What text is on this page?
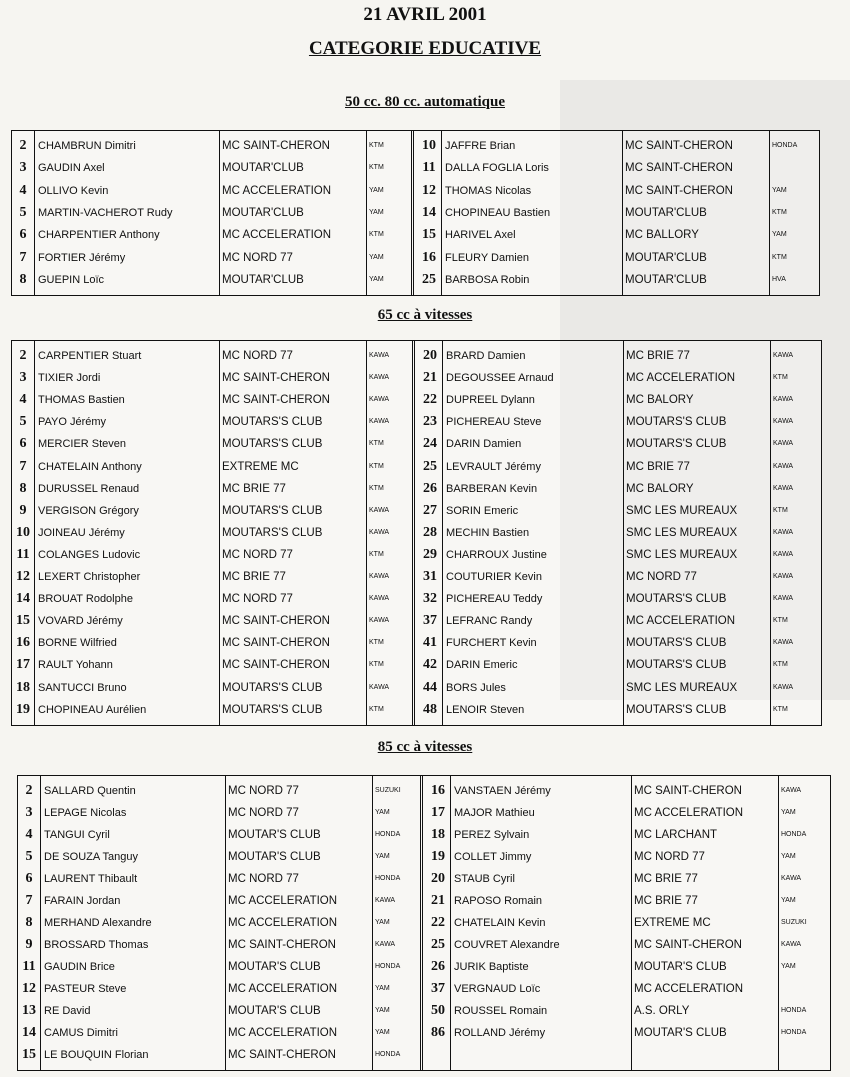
21 AVRIL 2001
CATEGORIE EDUCATIVE
50 cc. 80 cc. automatique
2	CHAMBRUN Dimitri	MC SAINT-CHERON	KTM
3	GAUDIN Axel	MOUTAR'CLUB	KTM
4	OLLIVO Kevin	MC ACCELERATION	YAM
5	MARTIN-VACHEROT Rudy	MOUTAR'CLUB	YAM
6	CHARPENTIER Anthony	MC ACCELERATION	KTM
7	FORTIER Jérémy	MC NORD 77	YAM
8	GUEPIN Loïc	MOUTAR'CLUB	YAM
10 JAFFRE Brian	MC SAINT-CHERON	HONDA
11 DALLA FOGLIA Loris	MC SAINT-CHERON
12 THOMAS Nicolas	MC SAINT-CHERON	YAM
14 CHOPINEAU Bastien	MOUTAR'CLUB	KTM
15 HARIVEL Axel	MC BALLORY	YAM
16 FLEURY Damien	MOUTAR'CLUB	KTM
25 BARBOSA Robin	MOUTAR'CLUB	HVA
65 cc à vitesses
2	CARPENTIER Stuart	MC NORD 77	KAWA
3	TIXIER Jordi	MC SAINT-CHERON	KAWA
4	THOMAS Bastien	MC SAINT-CHERON	KAWA
5	PAYO Jérémy	MOUTARS'S CLUB	KAWA
6	MERCIER Steven	MOUTARS'S CLUB	KTM
7	CHATELAIN Anthony	EXTREME MC	KTM
8	DURUSSEL Renaud	MC BRIE 77	KTM
9	VERGISON Grégory	MOUTARS'S CLUB	KAWA
10 JOINEAU Jérémy	MOUTARS'S CLUB	KAWA
11 COLANGES Ludovic	MC NORD 77	KTM
12 LEXERT Christopher	MC BRIE 77	KAWA
14 BROUAT Rodolphe	MC NORD 77	KAWA
15 VOVARD Jérémy	MC SAINT-CHERON	KAWA
16 BORNE Wilfried	MC SAINT-CHERON	KTM
17 RAULT Yohann	MC SAINT-CHERON	KTM
18 SANTUCCI Bruno	MOUTARS'S CLUB	KAWA
19 CHOPINEAU Aurélien	MOUTARS'S CLUB	KTM
20 BRARD Damien	MC BRIE 77	KAWA
21 DEGOUSSEE Arnaud	MC ACCELERATION	KTM
22 DUPREEL Dylann	MC BALORY	KAWA
23 PICHEREAU Steve	MOUTARS'S CLUB	KAWA
24 DARIN Damien	MOUTARS'S CLUB	KAWA
25 LEVRAULT Jérémy	MC BRIE 77	KAWA
26 BARBERAN Kevin	MC BALORY	KAWA
27 SORIN Emeric	SMC LES MUREAUX	KTM
28 MECHIN Bastien	SMC LES MUREAUX	KAWA
29 CHARROUX Justine	SMC LES MUREAUX	KAWA
31 COUTURIER Kevin	MC NORD 77	KAWA
32 PICHEREAU Teddy	MOUTARS'S CLUB	KAWA
37 LEFRANC Randy	MC ACCELERATION	KTM
41 FURCHERT Kevin	MOUTARS'S CLUB	KAWA
42 DARIN Emeric	MOUTARS'S CLUB	KTM
44 BORS Jules	SMC LES MUREAUX	KAWA
48 LENOIR Steven	MOUTARS'S CLUB	KTM
85 cc à vitesses
2	SALLARD Quentin	MC NORD 77	SUZUKI
3	LEPAGE Nicolas	MC NORD 77	YAM
4	TANGUI Cyril	MOUTAR'S CLUB	HONDA
5	DE SOUZA Tanguy	MOUTAR'S CLUB	YAM
6	LAURENT Thibault	MC NORD 77	HONDA
7	FARAIN Jordan	MC ACCELERATION	KAWA
8	MERHAND Alexandre	MC ACCELERATION	YAM
9	BROSSARD Thomas	MC SAINT-CHERON	KAWA
11 GAUDIN Brice	MOUTAR'S CLUB	HONDA
12 PASTEUR Steve	MC ACCELERATION	YAM
13 RE David	MOUTAR'S CLUB	YAM
14 CAMUS Dimitri	MC ACCELERATION	YAM
15 LE BOUQUIN Florian	MC SAINT-CHERON	HONDA
16 VANSTAEN Jérémy	MC SAINT-CHERON	KAWA
17 MAJOR Mathieu	MC ACCELERATION	YAM
18 PEREZ Sylvain	MC LARCHANT	HONDA
19 COLLET Jimmy	MC NORD 77	YAM
20 STAUB Cyril	MC BRIE 77	KAWA
21 RAPOSO Romain	MC BRIE 77	YAM
22 CHATELAIN Kevin	EXTREME MC	SUZUKI
25 COUVRET Alexandre	MC SAINT-CHERON	KAWA
26 JURIK Baptiste	MOUTAR'S CLUB	YAM
37 VERGNAUD Loïc	MC ACCELERATION
50 ROUSSEL Romain	A.S. ORLY	HONDA
86 ROLLAND Jérémy	MOUTAR'S CLUB	HONDA
